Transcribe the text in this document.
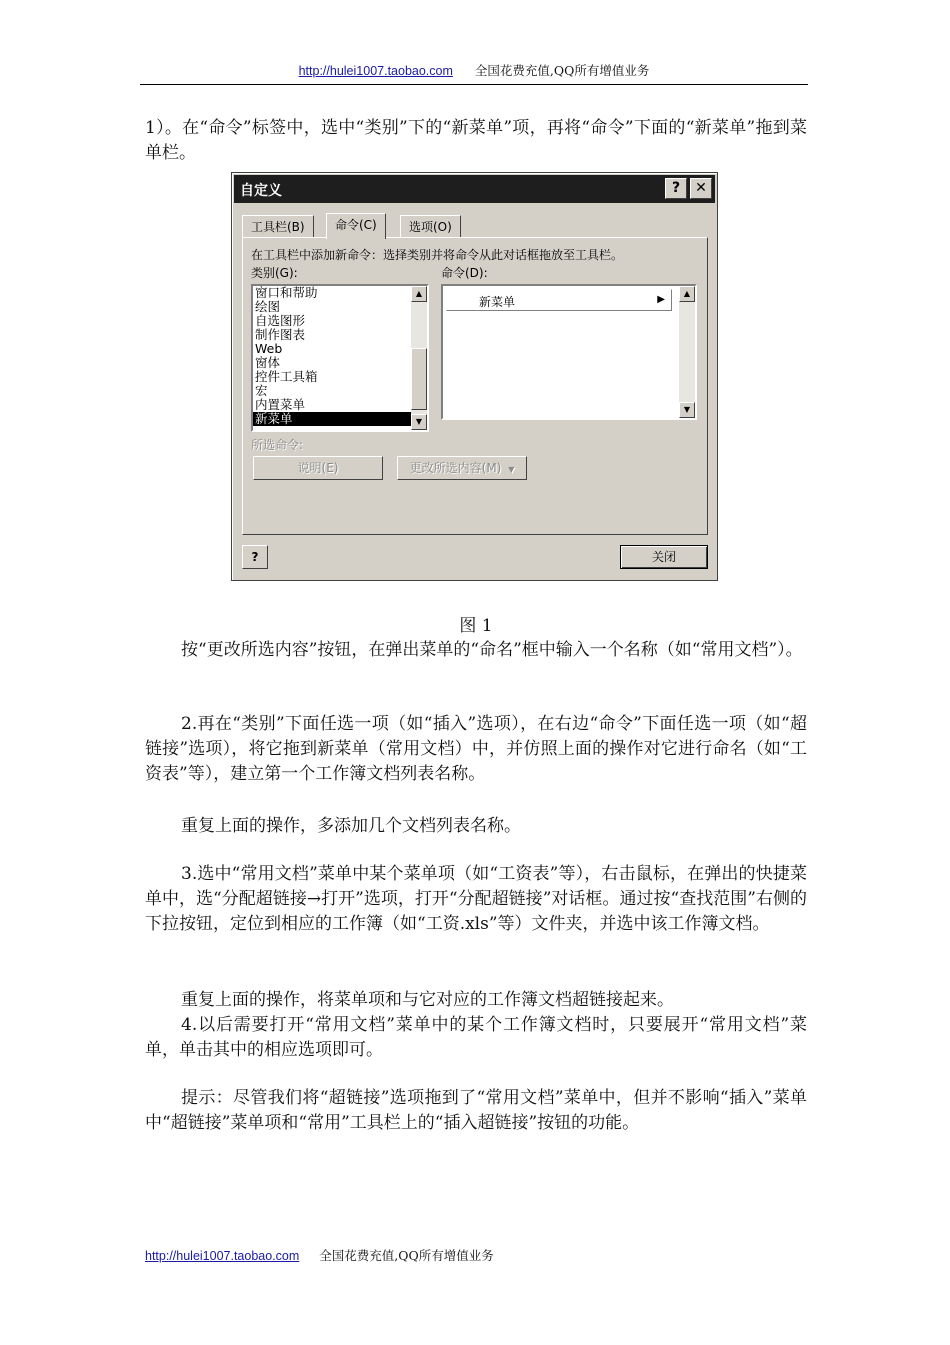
http://hulei1007.taobao.com 全国花费充值,QQ所有增值业务

1）。在“命令”标签中，选中“类别”下的“新菜单”项，再将“命令”下面的“新菜单”拖到菜单栏。

自定义	?	✕
工具栏(B)	命令(C)	选项(O)
在工具栏中添加新命令：选择类别并将命令从此对话框拖放至工具栏。
类别(G):	命令(D):
窗口和帮助
绘图
自选图形
制作图表
Web
窗体
控件工具箱
宏
内置菜单
新菜单
▲
▼
新菜单	▶
▲
▼
所选命令:
说明(E)	更改所选内容(M) ▼
?	关闭
图 1

按“更改所选内容”按钮，在弹出菜单的“命名”框中输入一个名称（如“常用文档”）。

2.再在“类别”下面任选一项（如“插入”选项），在右边“命令”下面任选一项（如“超链接”选项），将它拖到新菜单（常用文档）中，并仿照上面的操作对它进行命名（如“工资表”等），建立第一个工作簿文档列表名称。

重复上面的操作，多添加几个文档列表名称。

3.选中“常用文档”菜单中某个菜单项（如“工资表”等），右击鼠标，在弹出的快捷菜单中，选“分配超链接→打开”选项，打开“分配超链接”对话框。通过按“查找范围”右侧的下拉按钮，定位到相应的工作簿（如“工资.xls”等）文件夹，并选中该工作簿文档。

重复上面的操作，将菜单项和与它对应的工作簿文档超链接起来。

4.以后需要打开“常用文档”菜单中的某个工作簿文档时，只要展开“常用文档”菜单，单击其中的相应选项即可。

提示：尽管我们将“超链接”选项拖到了“常用文档”菜单中，但并不影响“插入”菜单中“超链接”菜单项和“常用”工具栏上的“插入超链接”按钮的功能。

http://hulei1007.taobao.com 全国花费充值,QQ所有增值业务
